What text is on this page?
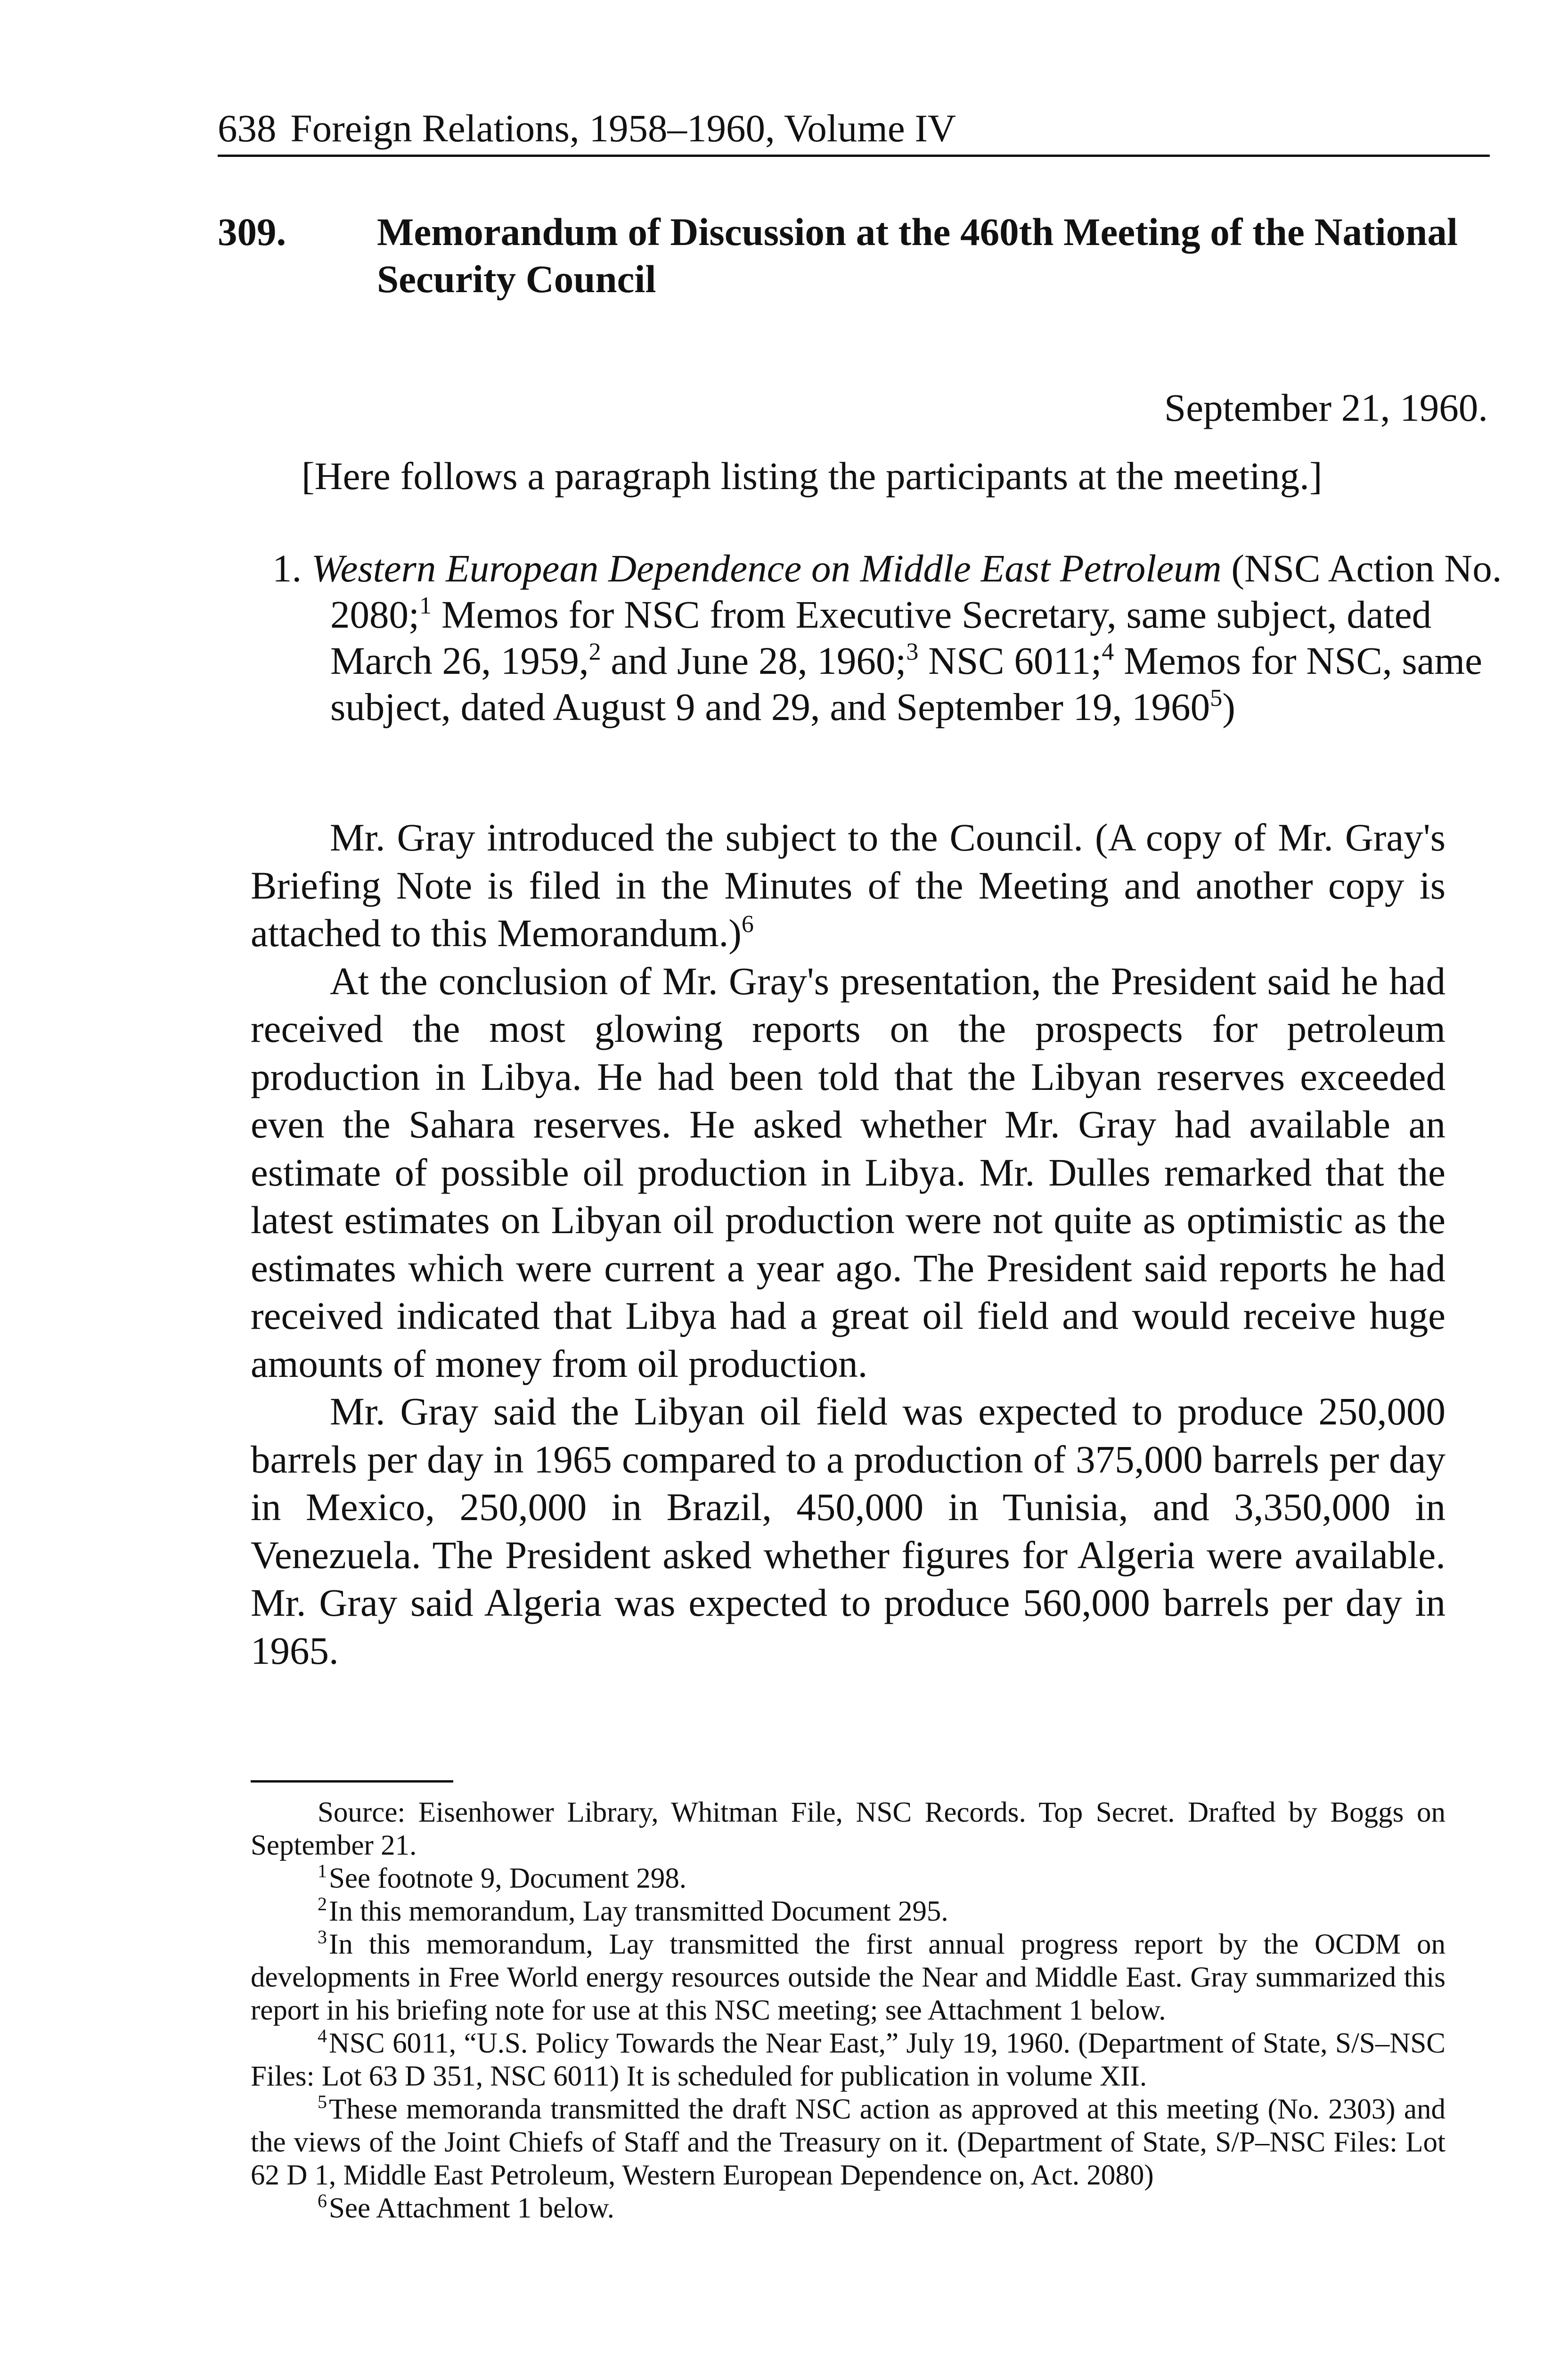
638 Foreign Relations, 1958–1960, Volume IV
309. Memorandum of Discussion at the 460th Meeting of the National Security Council
September 21, 1960.
[Here follows a paragraph listing the participants at the meeting.]
1. Western European Dependence on Middle East Petroleum (NSC Action No. 2080;$^1$ Memos for NSC from Executive Secretary, same subject, dated March 26, 1959,$^2$ and June 28, 1960;$^3$ NSC 6011;$^4$ Memos for NSC, same subject, dated August 9 and 29, and September 19, 1960$^5$)

Mr. Gray introduced the subject to the Council. (A copy of Mr. Gray's Briefing Note is filed in the Minutes of the Meeting and another copy is attached to this Memorandum.)$^6$

At the conclusion of Mr. Gray's presentation, the President said he had received the most glowing reports on the prospects for petroleum production in Libya. He had been told that the Libyan reserves exceeded even the Sahara reserves. He asked whether Mr. Gray had available an estimate of possible oil production in Libya. Mr. Dulles remarked that the latest estimates on Libyan oil production were not quite as optimistic as the estimates which were current a year ago. The President said reports he had received indicated that Libya had a great oil field and would receive huge amounts of money from oil production.

Mr. Gray said the Libyan oil field was expected to produce 250,000 barrels per day in 1965 compared to a production of 375,000 barrels per day in Mexico, 250,000 in Brazil, 450,000 in Tunisia, and 3,350,000 in Venezuela. The President asked whether figures for Algeria were available. Mr. Gray said Algeria was expected to produce 560,000 barrels per day in 1965.

Source: Eisenhower Library, Whitman File, NSC Records. Top Secret. Drafted by Boggs on September 21.

$^1$See footnote 9, Document 298.

$^2$In this memorandum, Lay transmitted Document 295.

$^3$In this memorandum, Lay transmitted the first annual progress report by the OCDM on developments in Free World energy resources outside the Near and Middle East. Gray summarized this report in his briefing note for use at this NSC meeting; see Attachment 1 below.

$^4$NSC 6011, “U.S. Policy Towards the Near East,” July 19, 1960. (Department of State, S/S–NSC Files: Lot 63 D 351, NSC 6011) It is scheduled for publication in volume XII.

$^5$These memoranda transmitted the draft NSC action as approved at this meeting (No. 2303) and the views of the Joint Chiefs of Staff and the Treasury on it. (Department of State, S/P–NSC Files: Lot 62 D 1, Middle East Petroleum, Western European Dependence on, Act. 2080)

$^6$See Attachment 1 below.
